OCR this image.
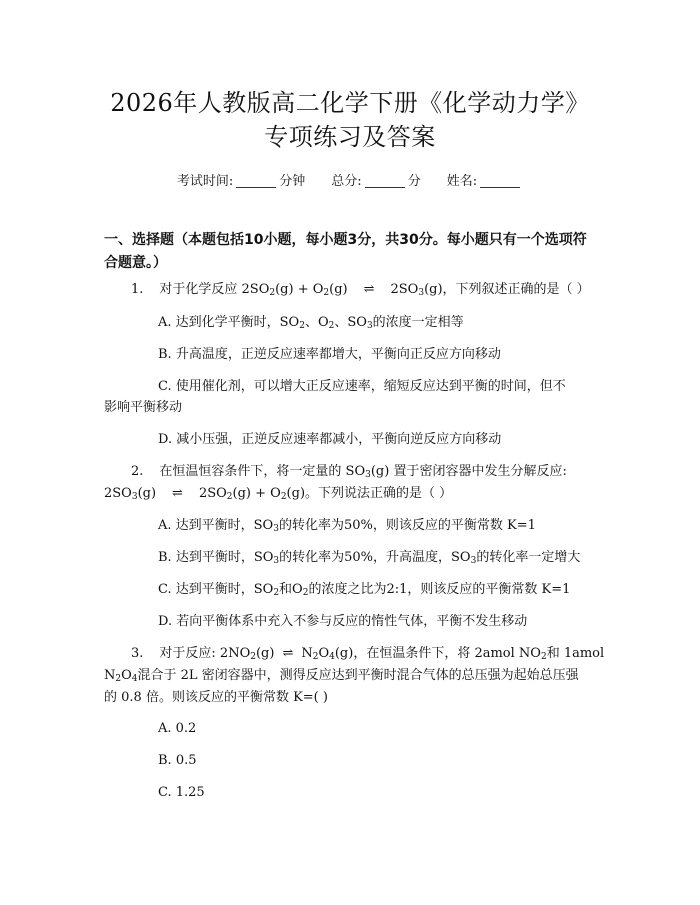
2026年人教版高二化学下册《化学动力学》
专项练习及答案
考试时间:	分钟 总分:	分 姓名:
一、选择题（本题包括10小题，每小题3分，共30分。每小题只有一个选项符
合题意。）
1. 对于化学反应 $2SO_2(g) + O_2(g)$ ⇌ $2SO_3(g)$，下列叙述正确的是（ ）
A. 达到化学平衡时，$SO_2$、$O_2$、$SO_3$的浓度一定相等
B. 升高温度，正逆反应速率都增大，平衡向正反应方向移动
C. 使用催化剂，可以增大正反应速率，缩短反应达到平衡的时间，但不
影响平衡移动
D. 减小压强，正逆反应速率都减小，平衡向逆反应方向移动
2. 在恒温恒容条件下，将一定量的 $SO_3(g)$ 置于密闭容器中发生分解反应:
$2SO_3(g)$ ⇌ $2SO_2(g) + O_2(g)$。下列说法正确的是（ ）
A. 达到平衡时，$SO_3$的转化率为50%，则该反应的平衡常数 K=1
B. 达到平衡时，$SO_3$的转化率为50%，升高温度，$SO_3$的转化率一定增大
C. 达到平衡时，$SO_2$和$O_2$的浓度之比为2:1，则该反应的平衡常数 K=1
D. 若向平衡体系中充入不参与反应的惰性气体，平衡不发生移动
3. 对于反应: $2NO_2(g)$ ⇌ $N_2O_4(g)$，在恒温条件下，将 2amol $NO_2$和 1amol
$N_2O_4$混合于 2L 密闭容器中，测得反应达到平衡时混合气体的总压强为起始总压强
的 0.8 倍。则该反应的平衡常数 K=( )
A. 0.2
B. 0.5
C. 1.25
